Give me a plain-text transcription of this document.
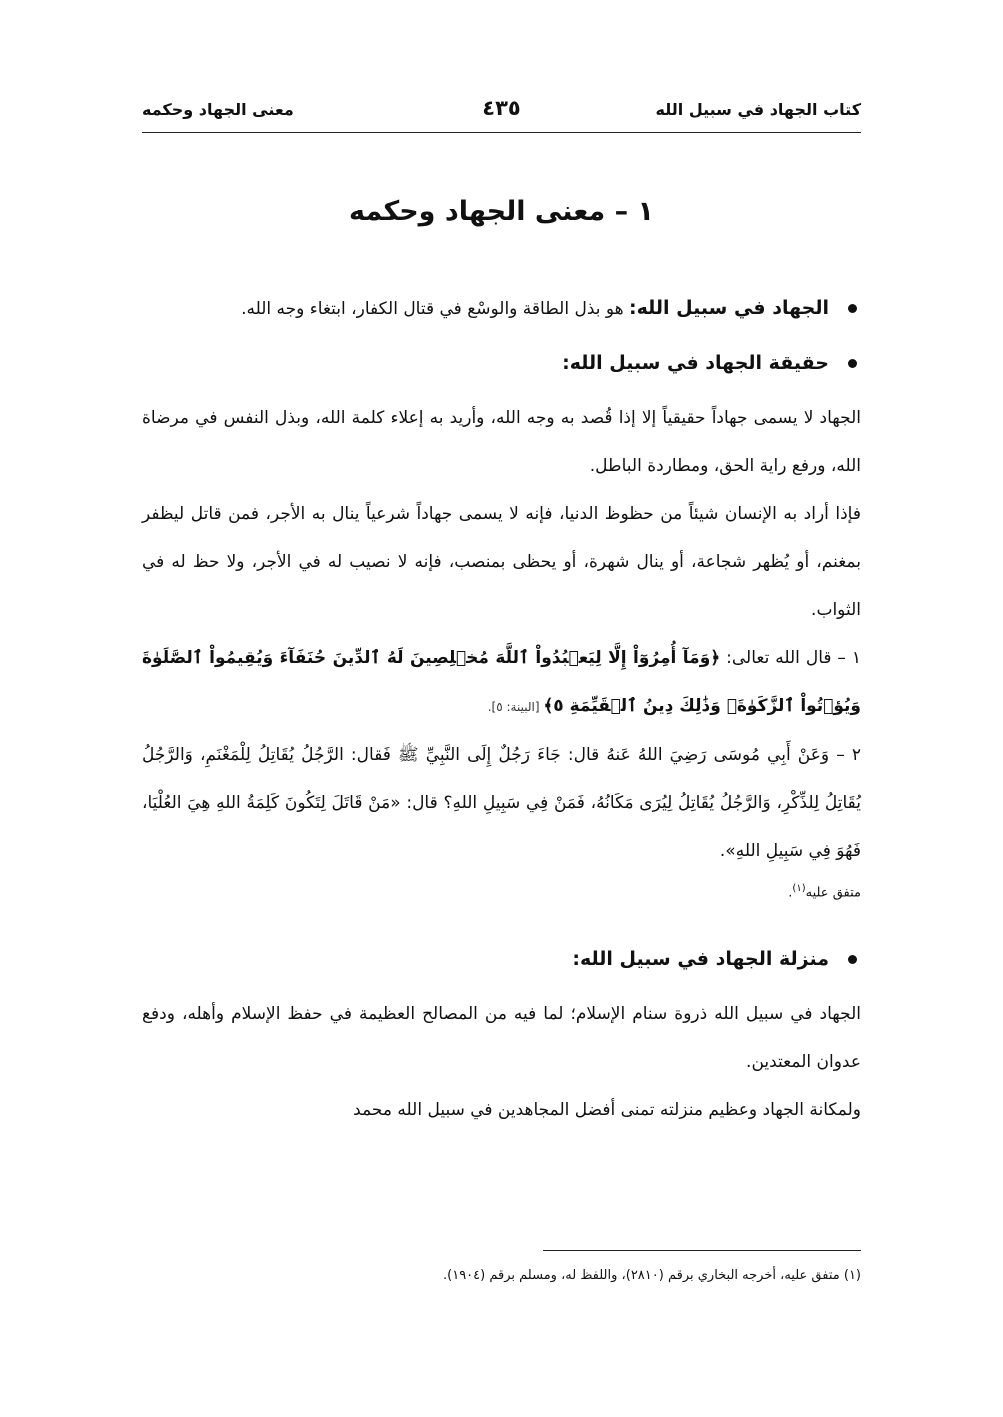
كتاب الجهاد في سبيل الله
٤٣٥
معنى الجهاد وحكمه
١ – معنى الجهاد وحكمه

الجهاد في سبيل الله: هو بذل الطاقة والوسْع في قتال الكفار، ابتغاء وجه الله.

حقيقة الجهاد في سبيل الله:

الجهاد لا يسمى جهاداً حقيقياً إلا إذا قُصد به وجه الله، وأريد به إعلاء كلمة الله، وبذل النفس في مرضاة الله، ورفع راية الحق، ومطاردة الباطل.

فإذا أراد به الإنسان شيئاً من حظوظ الدنيا، فإنه لا يسمى جهاداً شرعياً ينال به الأجر، فمن قاتل ليظفر بمغنم، أو يُظهر شجاعة، أو ينال شهرة، أو يحظى بمنصب، فإنه لا نصيب له في الأجر، ولا حظ له في الثواب.

١ – قال الله تعالى: ﴿وَمَآ أُمِرُوٓاْ إِلَّا لِيَعۡبُدُواْ ٱللَّهَ مُخۡلِصِينَ لَهُ ٱلدِّينَ حُنَفَآءَ وَيُقِيمُواْ ٱلصَّلَوٰةَ وَيُؤۡتُواْ ٱلزَّكَوٰةَۚ وَذَٰلِكَ دِينُ ٱلۡقَيِّمَةِ ٥﴾ [البينة: ٥].

٢ – وَعَنْ أَبِي مُوسَى رَضِيَ اللهُ عَنهُ قال: جَاءَ رَجُلٌ إِلَى النَّبِيِّ ﷺ فَقال: الرَّجُلُ يُقَاتِلُ لِلْمَغْنَمِ، وَالرَّجُلُ يُقَاتِلُ لِلذِّكْرِ، وَالرَّجُلُ يُقَاتِلُ لِيُرَى مَكَانُهُ، فَمَنْ فِي سَبِيلِ اللهِ؟ قال: «مَنْ قَاتَلَ لِتَكُونَ كَلِمَةُ اللهِ هِيَ العُلْيَا، فَهُوَ فِي سَبِيلِ اللهِ».

متفق عليه$^{(١)}$.

منزلة الجهاد في سبيل الله:

الجهاد في سبيل الله ذروة سنام الإسلام؛ لما فيه من المصالح العظيمة في حفظ الإسلام وأهله، ودفع عدوان المعتدين.

ولمكانة الجهاد وعظيم منزلته تمنى أفضل المجاهدين في سبيل الله محمد

(١) متفق عليه، أخرجه البخاري برقم (٢٨١٠)، واللفظ له، ومسلم برقم (١٩٠٤).
